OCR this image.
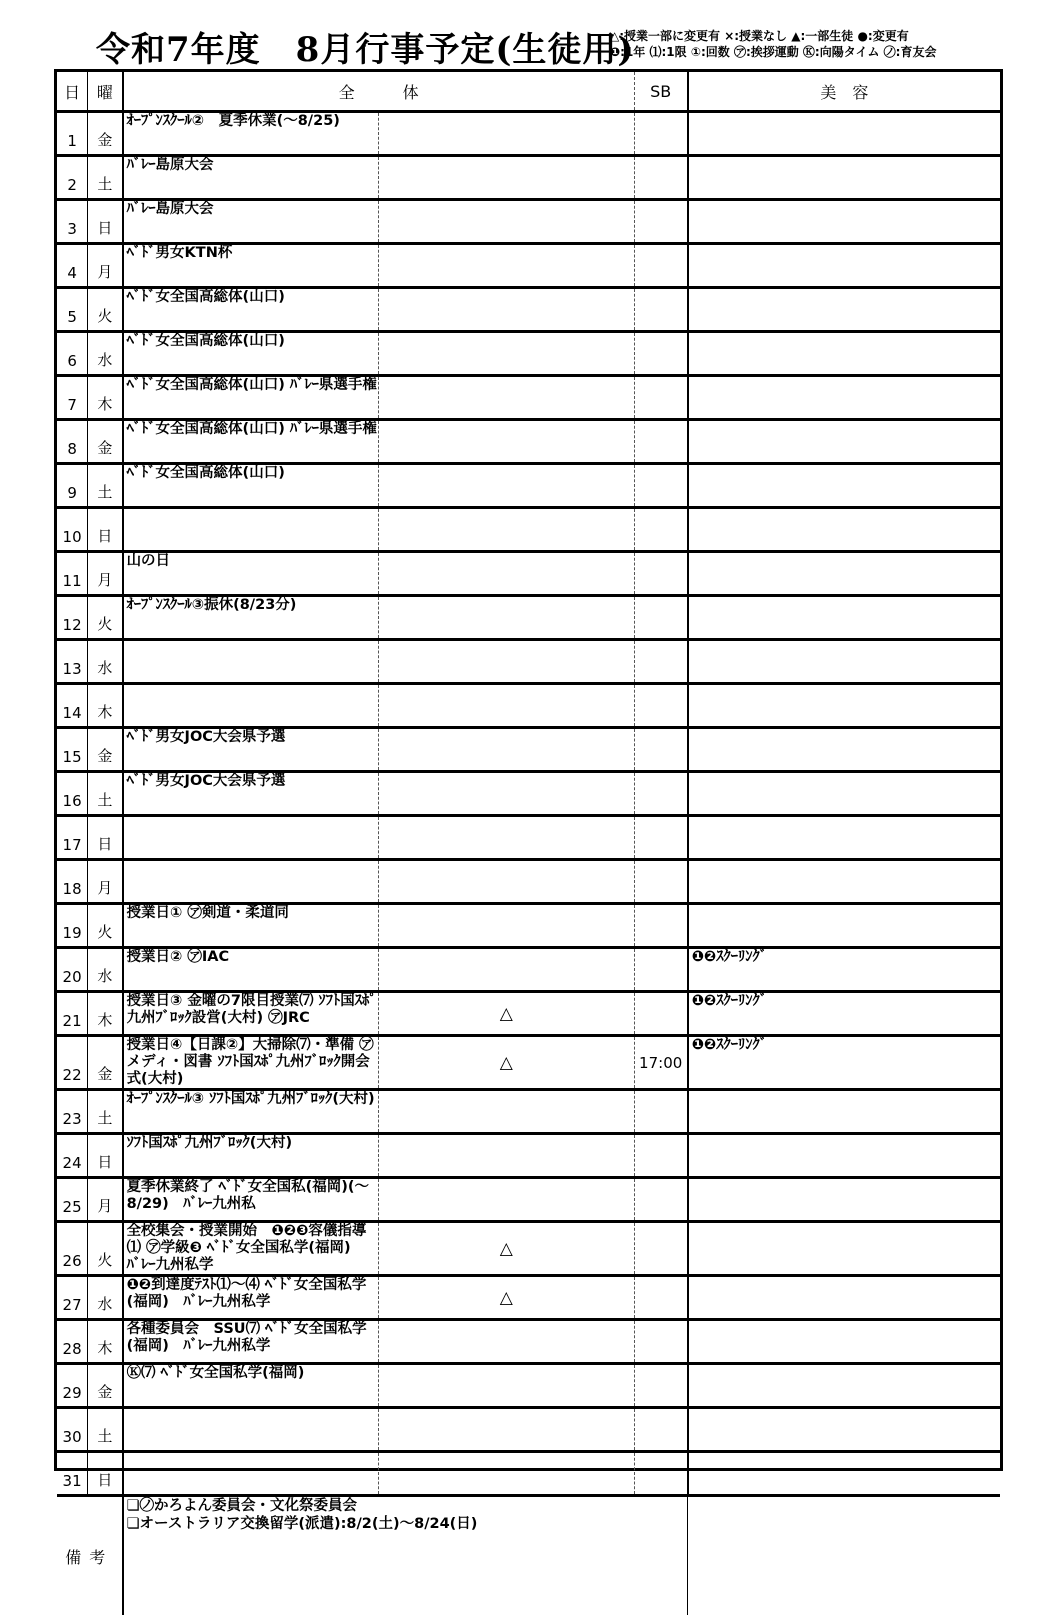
令和7年度　8月行事予定(生徒用)
△:授業一部に変更有 ×:授業なし ▲:一部生徒 ●:変更有
❶:1年 ⑴:1限 ①:回数 ㋐:挨拶運動 Ⓚ:向陽タイム ㋨:育友会
日	曜	全　　　体		SB	美　容
1	金	ｵｰﾌﾟﾝｽｸｰﾙ②　夏季休業(～8/25)			
2	土	ﾊﾞﾚｰ島原大会			
3	日	ﾊﾞﾚｰ島原大会			
4	月	ﾍﾞﾄﾞ男女KTN杯			
5	火	ﾍﾞﾄﾞ女全国高総体(山口)			
6	水	ﾍﾞﾄﾞ女全国高総体(山口)			
7	木	ﾍﾞﾄﾞ女全国高総体(山口) ﾊﾞﾚｰ県選手権			
8	金	ﾍﾞﾄﾞ女全国高総体(山口) ﾊﾞﾚｰ県選手権			
9	土	ﾍﾞﾄﾞ女全国高総体(山口)			
10	日				
11	月	山の日			
12	火	ｵｰﾌﾟﾝｽｸｰﾙ③振休(8/23分)			
13	水				
14	木				
15	金	ﾍﾞﾄﾞ男女JOC大会県予選			
16	土	ﾍﾞﾄﾞ男女JOC大会県予選			
17	日				
18	月				
19	火	授業日① ㋐剣道・柔道同			
20	水	授業日② ㋐IAC			❶❷ｽｸｰﾘﾝｸﾞ
21	木	授業日③ 金曜の7限目授業⑺ ｿﾌﾄ国ｽﾎﾟ九州ﾌﾞﾛｯｸ設営(大村) ㋐JRC	△		❶❷ｽｸｰﾘﾝｸﾞ
22	金	授業日④【日課②】大掃除⑺・準備 ㋐メディ・図書 ｿﾌﾄ国ｽﾎﾟ九州ﾌﾞﾛｯｸ開会式(大村)	△	17:00	❶❷ｽｸｰﾘﾝｸﾞ
23	土	ｵｰﾌﾟﾝｽｸｰﾙ③ ｿﾌﾄ国ｽﾎﾟ九州ﾌﾞﾛｯｸ(大村)			
24	日	ｿﾌﾄ国ｽﾎﾟ九州ﾌﾞﾛｯｸ(大村)			
25	月	夏季休業終了 ﾍﾞﾄﾞ女全国私(福岡)(～8/29)　ﾊﾞﾚｰ九州私			
26	火	全校集会・授業開始　❶❷❸容儀指導⑴ ㋐学級❸ ﾍﾞﾄﾞ女全国私学(福岡)　ﾊﾞﾚｰ九州私学	△		
27	水	❶❷到達度ﾃｽﾄ⑴～⑷ ﾍﾞﾄﾞ女全国私学(福岡)　ﾊﾞﾚｰ九州私学	△		
28	木	各種委員会　SSU⑺ ﾍﾞﾄﾞ女全国私学(福岡)　ﾊﾞﾚｰ九州私学			
29	金	Ⓚ⑺ ﾍﾞﾄﾞ女全国私学(福岡)			
30	土				
31	日				
備考		❏㋨かろよん委員会・文化祭委員会
❏オーストラリア交換留学(派遣):8/2(土)～8/24(日)			
